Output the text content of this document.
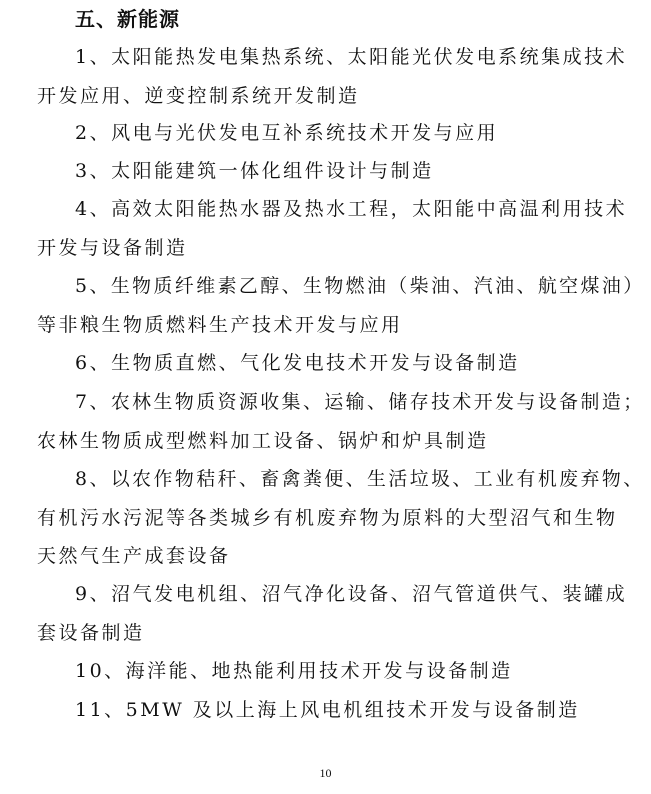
五、新能源
1、太阳能热发电集热系统、太阳能光伏发电系统集成技术
开发应用、逆变控制系统开发制造
2、风电与光伏发电互补系统技术开发与应用
3、太阳能建筑一体化组件设计与制造
4、高效太阳能热水器及热水工程，太阳能中高温利用技术
开发与设备制造
5、生物质纤维素乙醇、生物燃油（柴油、汽油、航空煤油）
等非粮生物质燃料生产技术开发与应用
6、生物质直燃、气化发电技术开发与设备制造
7、农林生物质资源收集、运输、储存技术开发与设备制造；
农林生物质成型燃料加工设备、锅炉和炉具制造
8、以农作物秸秆、畜禽粪便、生活垃圾、工业有机废弃物、
有机污水污泥等各类城乡有机废弃物为原料的大型沼气和生物
天然气生产成套设备
9、沼气发电机组、沼气净化设备、沼气管道供气、装罐成
套设备制造
10、海洋能、地热能利用技术开发与设备制造
11、5MW 及以上海上风电机组技术开发与设备制造
10
